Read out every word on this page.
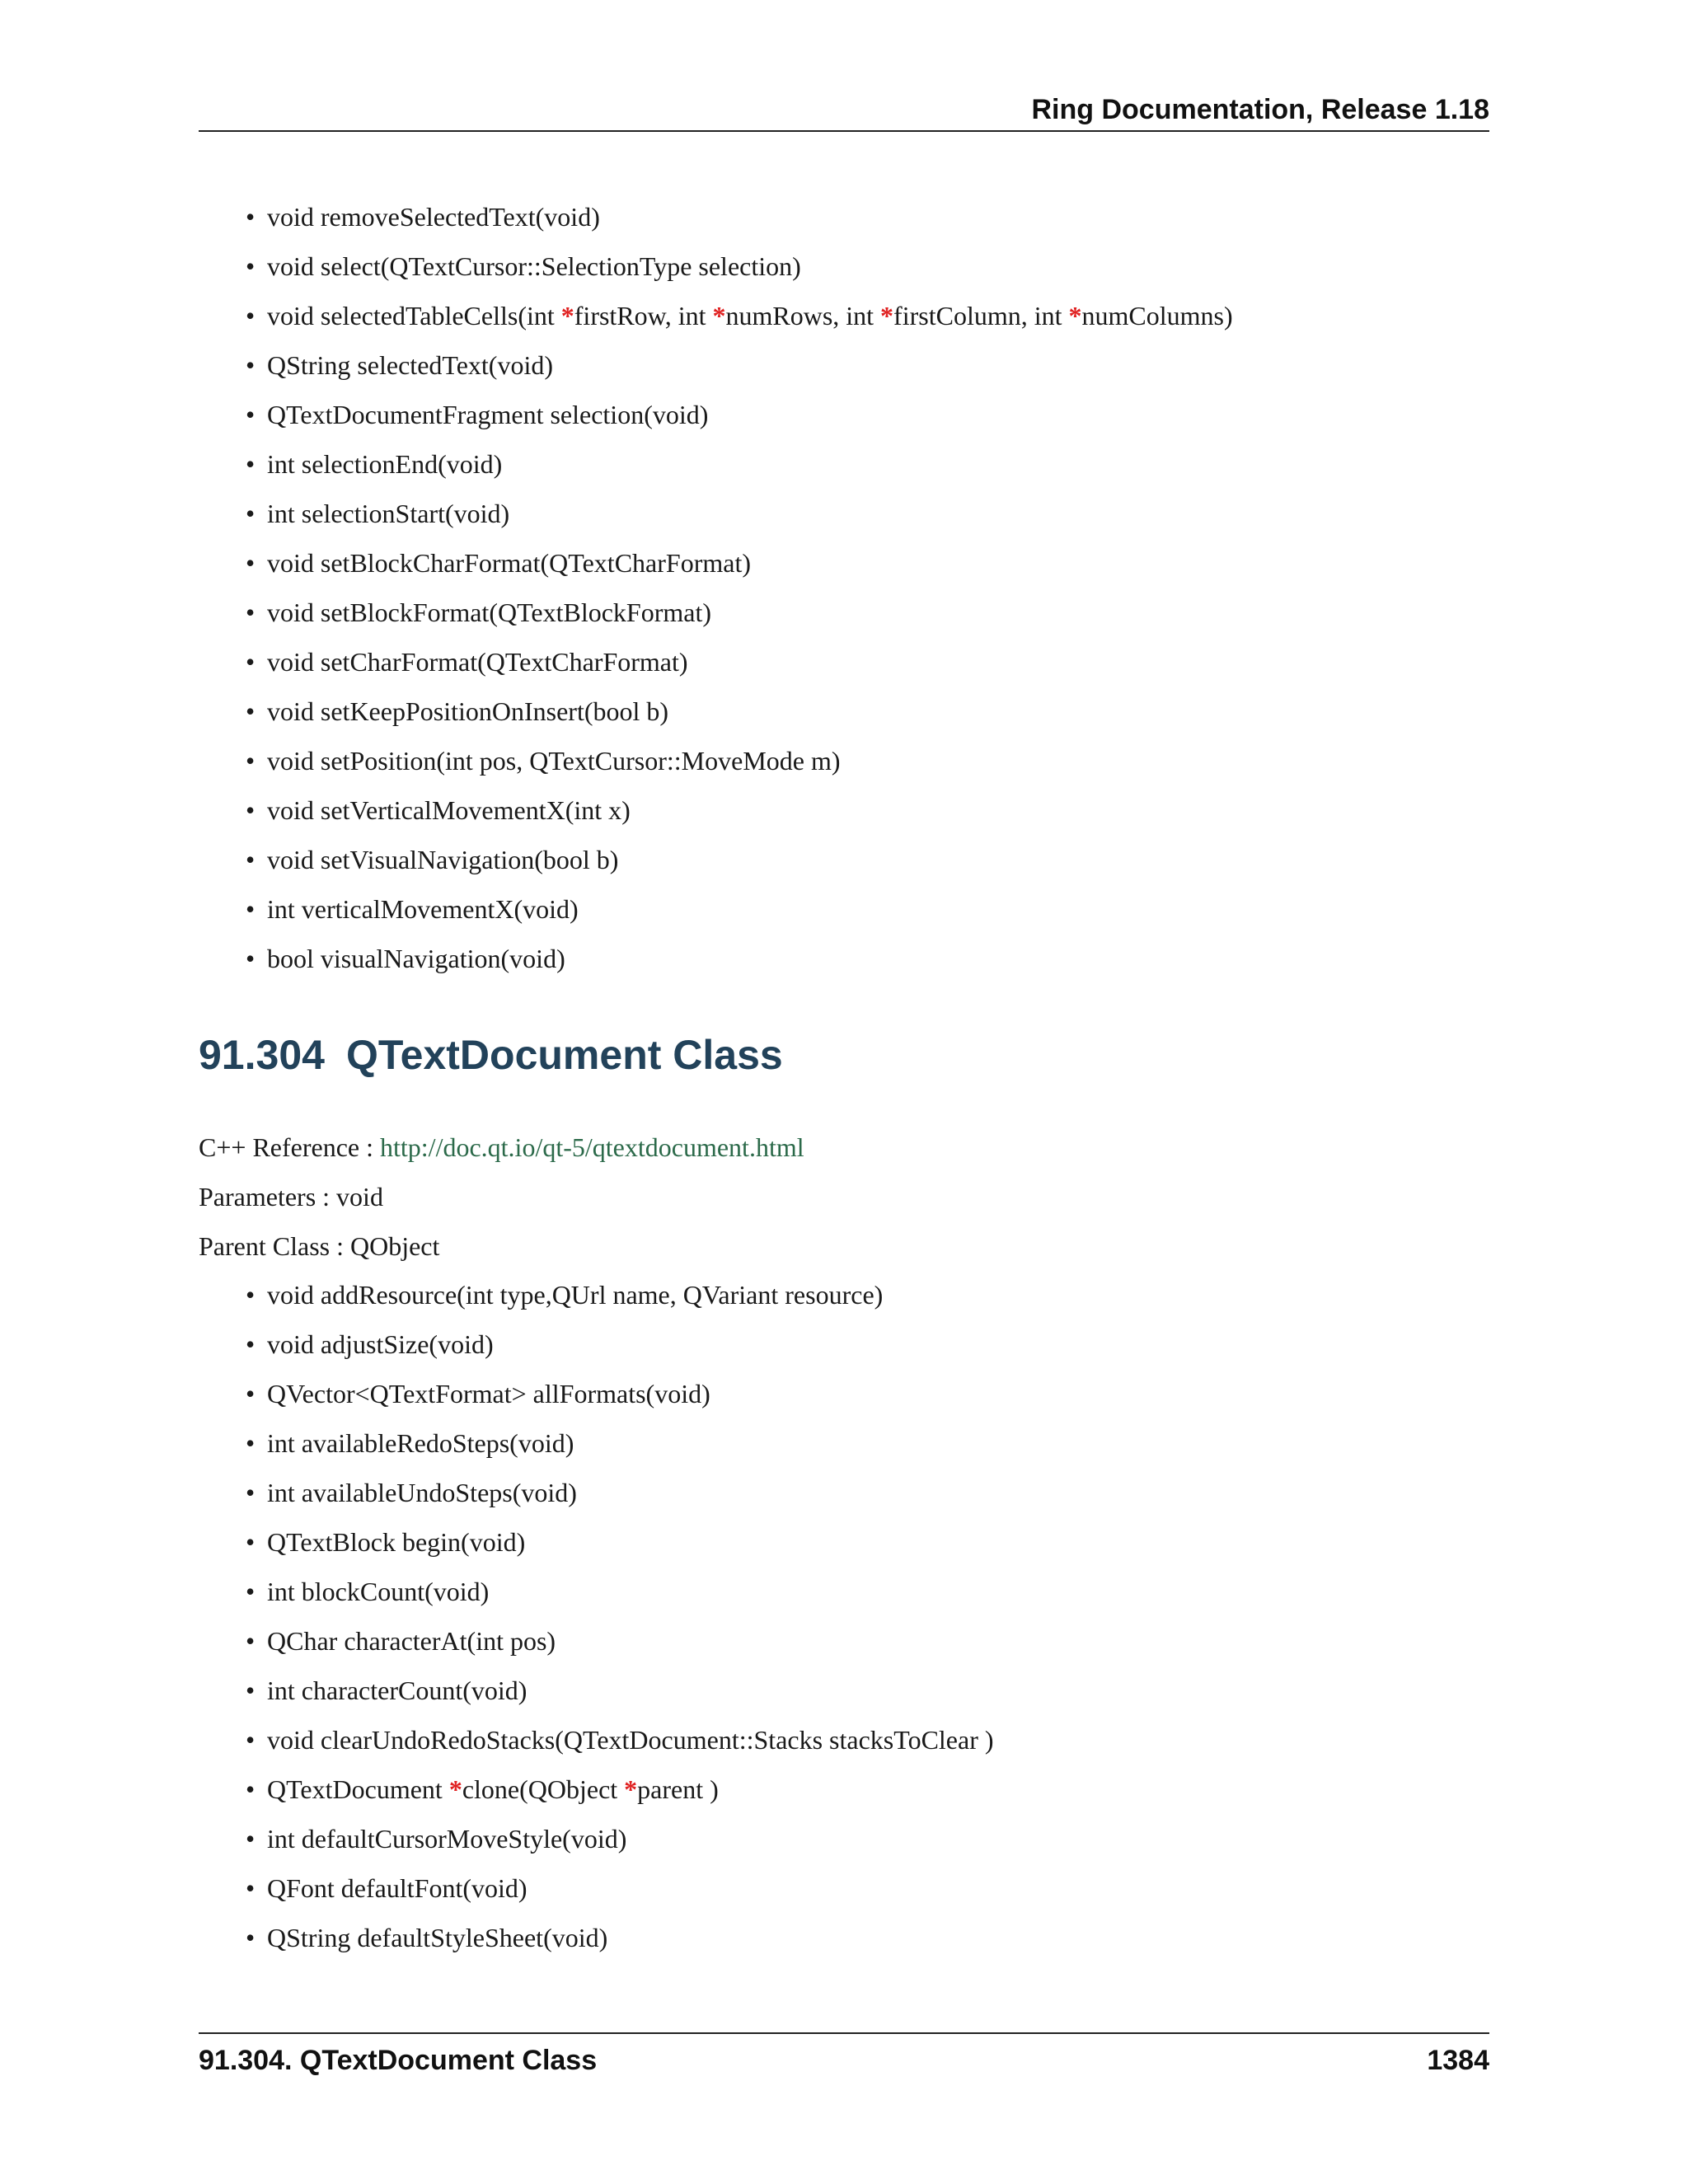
Ring Documentation, Release 1.18
• void removeSelectedText(void)
• void select(QTextCursor::SelectionType selection)
• void selectedTableCells(int *firstRow, int *numRows, int *firstColumn, int *numColumns)
• QString selectedText(void)
• QTextDocumentFragment selection(void)
• int selectionEnd(void)
• int selectionStart(void)
• void setBlockCharFormat(QTextCharFormat)
• void setBlockFormat(QTextBlockFormat)
• void setCharFormat(QTextCharFormat)
• void setKeepPositionOnInsert(bool b)
• void setPosition(int pos, QTextCursor::MoveMode m)
• void setVerticalMovementX(int x)
• void setVisualNavigation(bool b)
• int verticalMovementX(void)
• bool visualNavigation(void)
91.304 QTextDocument Class
C++ Reference : http://doc.qt.io/qt-5/qtextdocument.html
Parameters : void
Parent Class : QObject
• void addResource(int type,QUrl name, QVariant resource)
• void adjustSize(void)
• QVector<QTextFormat> allFormats(void)
• int availableRedoSteps(void)
• int availableUndoSteps(void)
• QTextBlock begin(void)
• int blockCount(void)
• QChar characterAt(int pos)
• int characterCount(void)
• void clearUndoRedoStacks(QTextDocument::Stacks stacksToClear )
• QTextDocument *clone(QObject *parent )
• int defaultCursorMoveStyle(void)
• QFont defaultFont(void)
• QString defaultStyleSheet(void)
91.304. QTextDocument Class	1384
